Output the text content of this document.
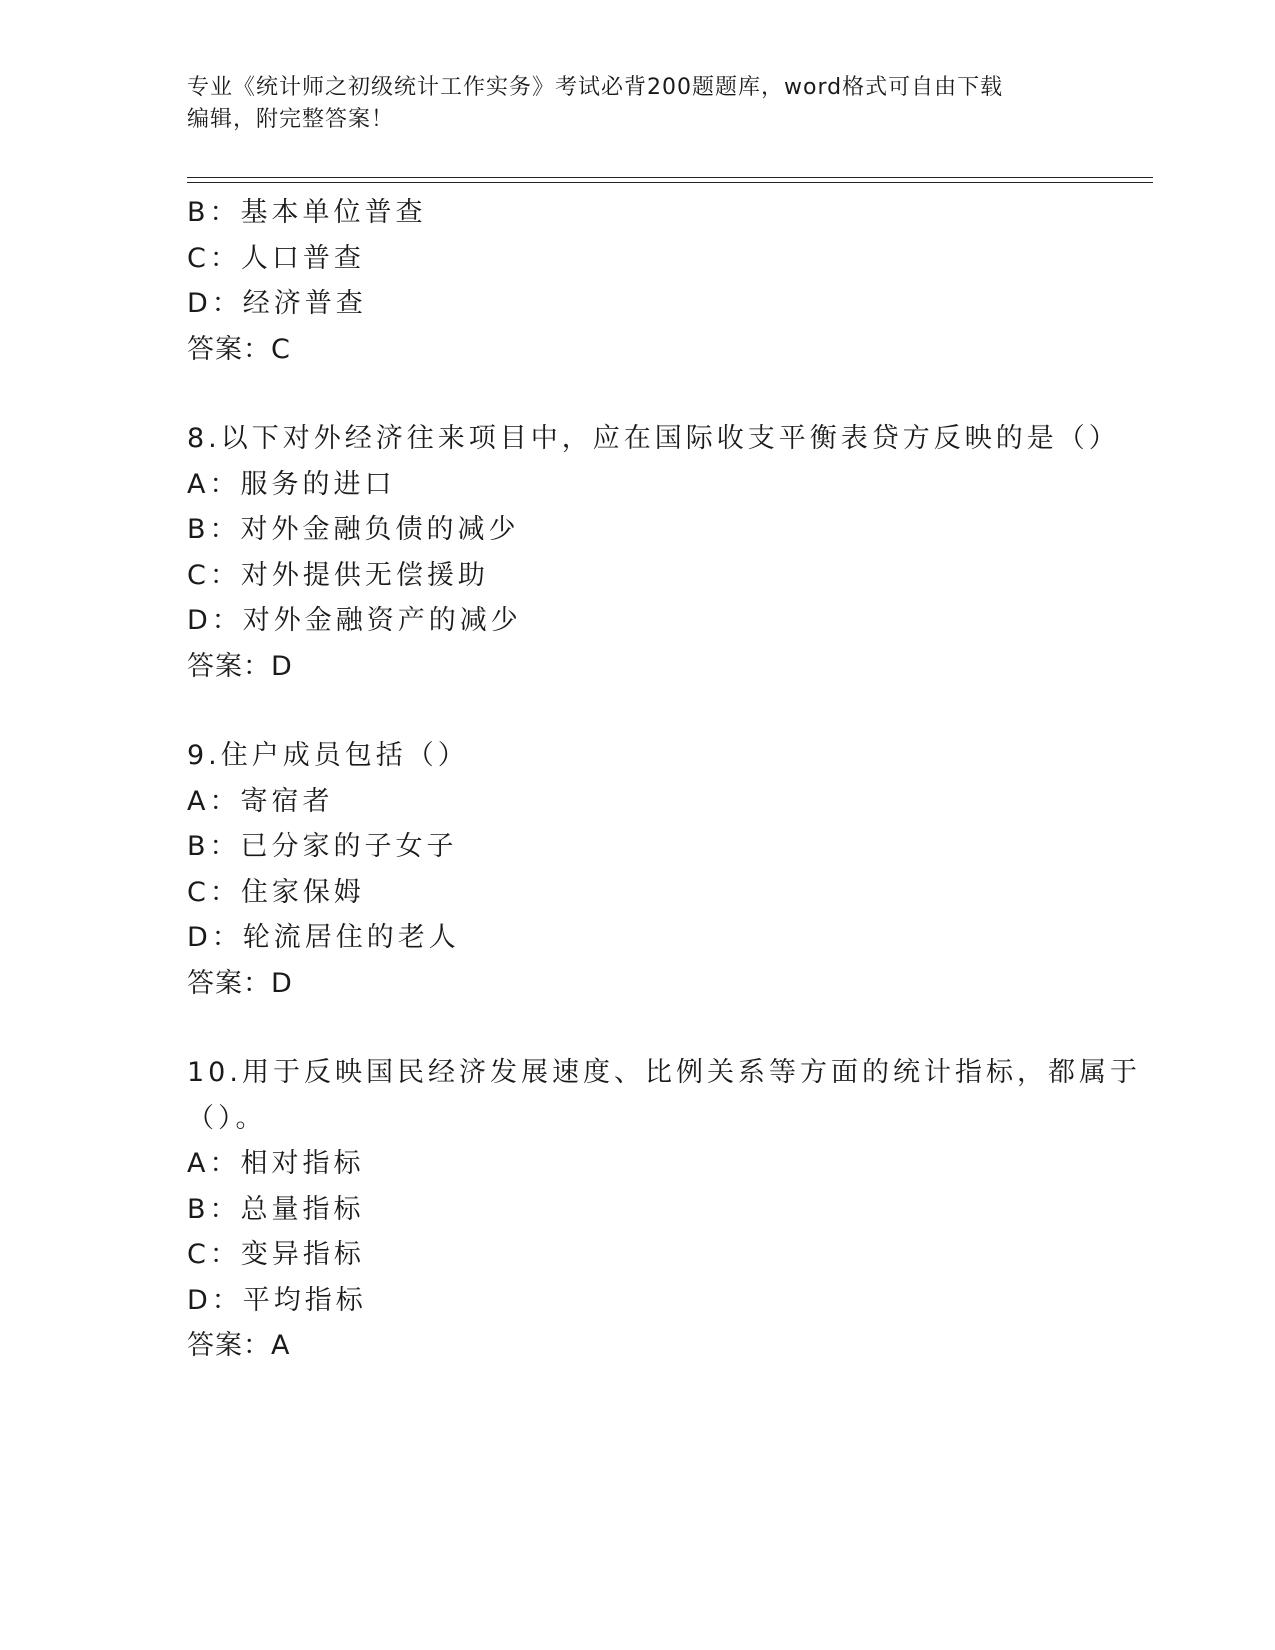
专业《统计师之初级统计工作实务》考试必背200题题库，word格式可自由下载
编辑，附完整答案！
B：基本单位普查
C：人口普查
D：经济普查
答案：C
8.以下对外经济往来项目中，应在国际收支平衡表贷方反映的是（）
A：服务的进口
B：对外金融负债的减少
C：对外提供无偿援助
D：对外金融资产的减少
答案：D
9.住户成员包括（）
A：寄宿者
B：已分家的子女子
C：住家保姆
D：轮流居住的老人
答案：D
10.用于反映国民经济发展速度、比例关系等方面的统计指标，都属于
（）。
A：相对指标
B：总量指标
C：变异指标
D：平均指标
答案：A
